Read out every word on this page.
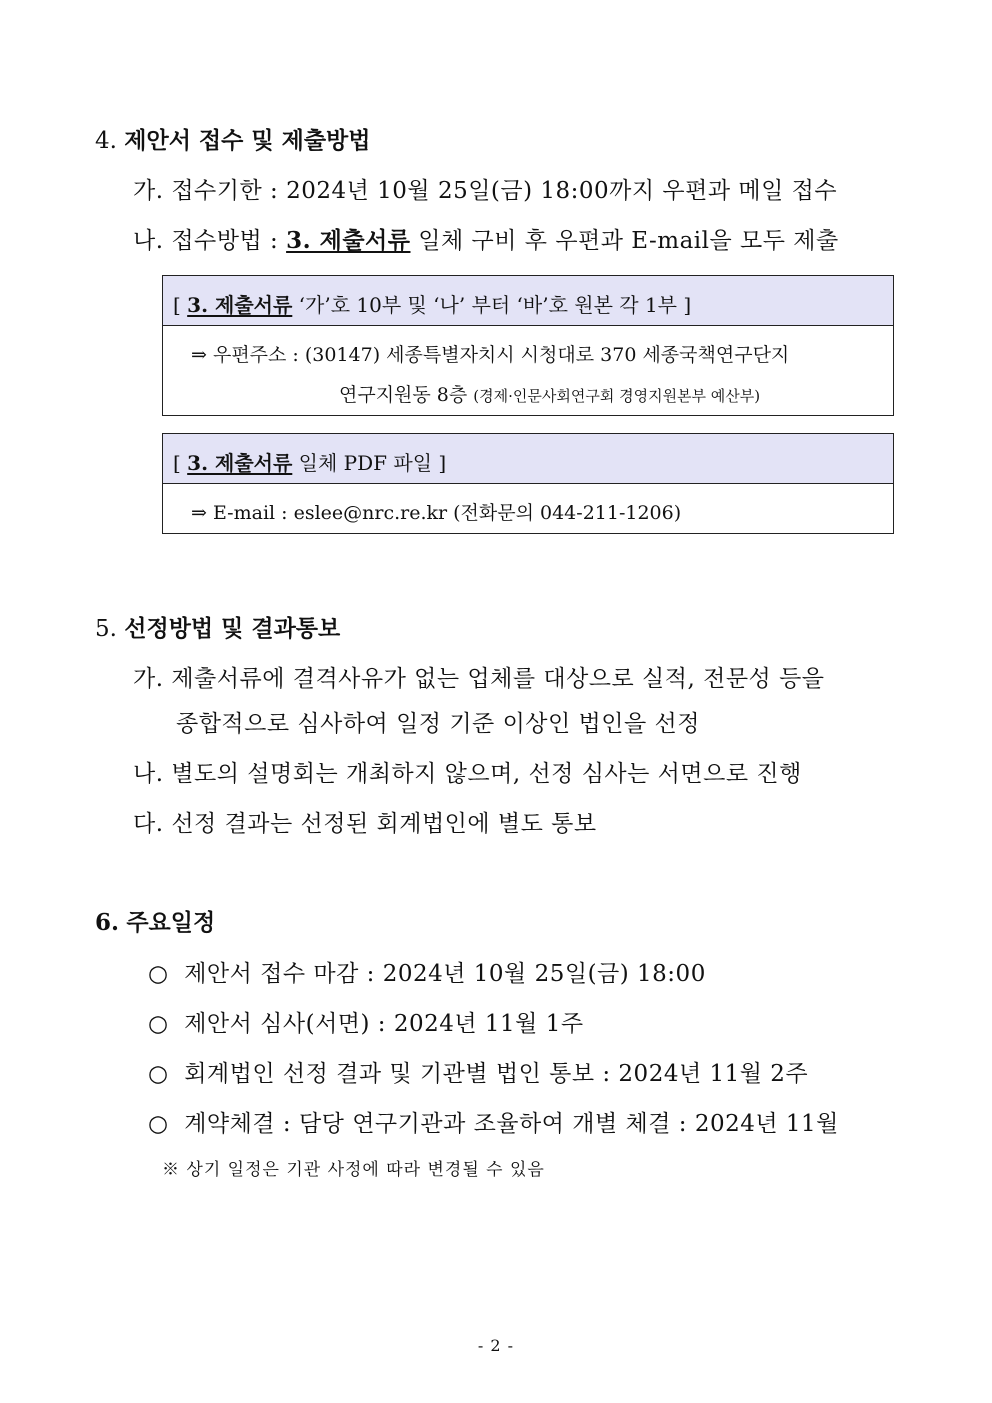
4. 제안서 접수 및 제출방법
가. 접수기한 : 2024년 10월 25일(금) 18:00까지 우편과 메일 접수
나. 접수방법 : 3. 제출서류 일체 구비 후 우편과 E-mail을 모두 제출
[ 3. 제출서류 ‘가’호 10부 및 ‘나’ 부터 ‘바’호 원본 각 1부 ]
⇒ 우편주소 : (30147) 세종특별자치시 시청대로 370 세종국책연구단지
연구지원동 8층 (경제·인문사회연구회 경영지원본부 예산부)
[ 3. 제출서류 일체 PDF 파일 ]
⇒ E-mail : eslee@nrc.re.kr (전화문의 044-211-1206)
5. 선정방법 및 결과통보
가. 제출서류에 결격사유가 없는 업체를 대상으로 실적, 전문성 등을
종합적으로 심사하여 일정 기준 이상인 법인을 선정
나. 별도의 설명회는 개최하지 않으며, 선정 심사는 서면으로 진행
다. 선정 결과는 선정된 회계법인에 별도 통보
6. 주요일정
○ 제안서 접수 마감 : 2024년 10월 25일(금) 18:00
○ 제안서 심사(서면) : 2024년 11월 1주
○ 회계법인 선정 결과 및 기관별 법인 통보 : 2024년 11월 2주
○ 계약체결 : 담당 연구기관과 조율하여 개별 체결 : 2024년 11월
※ 상기 일정은 기관 사정에 따라 변경될 수 있음
- 2 -
